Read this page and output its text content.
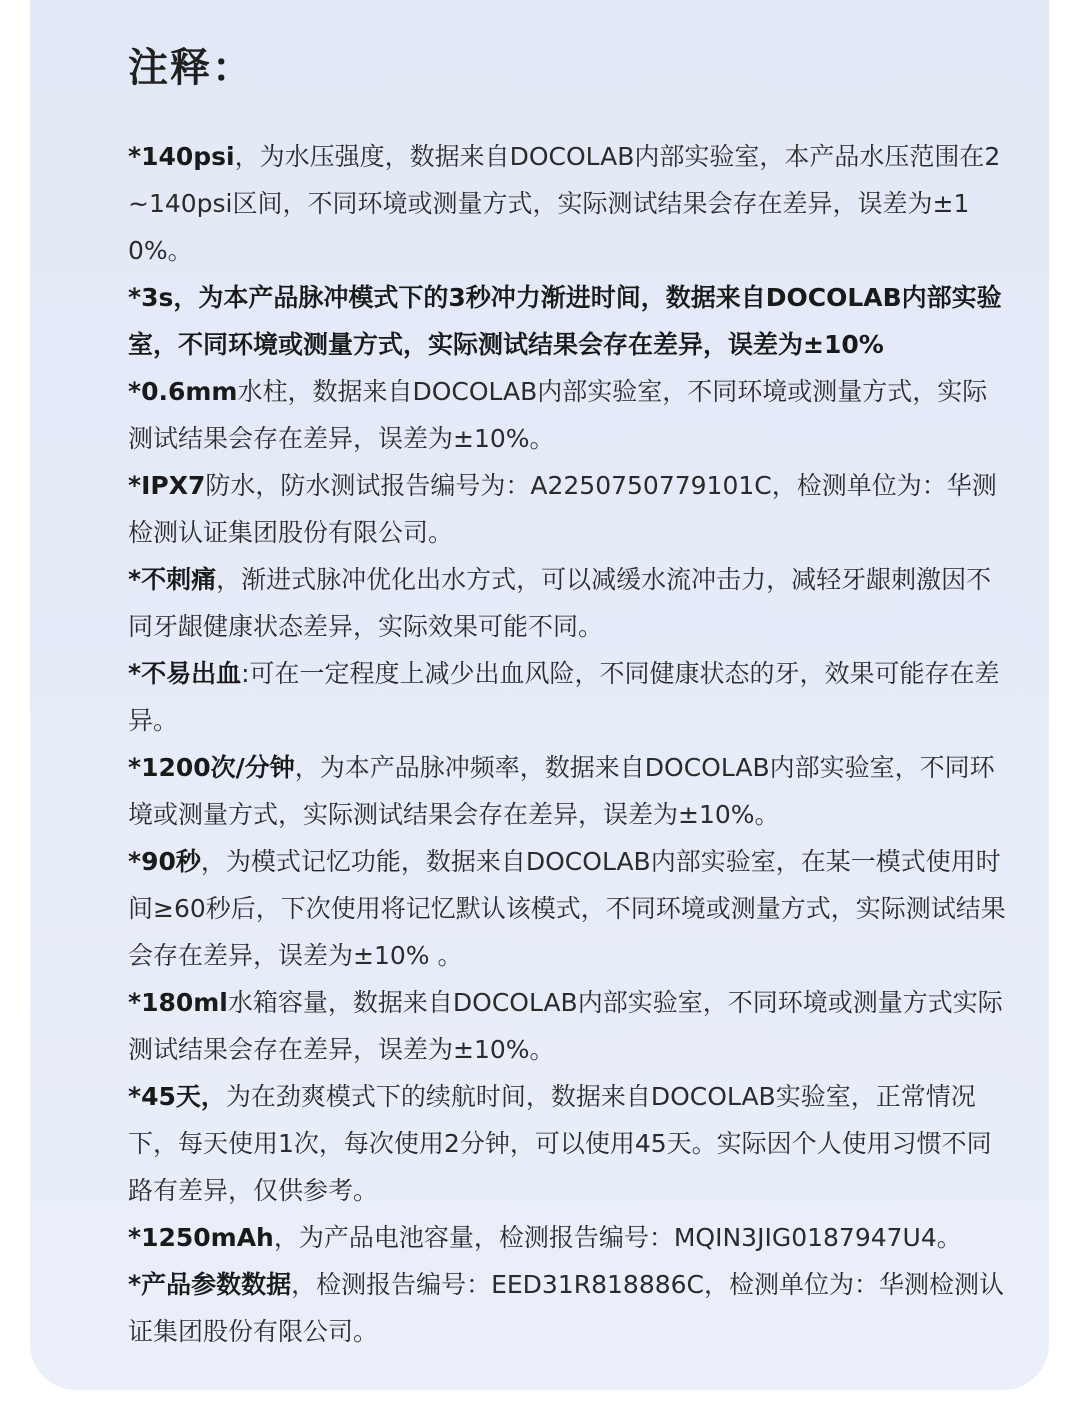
注释：
*140psi，为水压强度，数据来自DOCOLAB内部实验室，本产品水压范围在2~140psi区间，不同环境或测量方式，实际测试结果会存在差异，误差为±10%。
*3s，为本产品脉冲模式下的3秒冲力渐进时间，数据来自DOCOLAB内部实验室，不同环境或测量方式，实际测试结果会存在差异，误差为±10%
*0.6mm水柱，数据来自DOCOLAB内部实验室，不同环境或测量方式，实际测试结果会存在差异，误差为±10%。
*IPX7防水，防水测试报告编号为：A2250750779101C，检测单位为：华测检测认证集团股份有限公司。
*不刺痛，渐进式脉冲优化出水方式，可以减缓水流冲击力，减轻牙龈刺激因不同牙龈健康状态差异，实际效果可能不同。
*不易出血:可在一定程度上减少出血风险，不同健康状态的牙，效果可能存在差异。
*1200次/分钟，为本产品脉冲频率，数据来自DOCOLAB内部实验室，不同环境或测量方式，实际测试结果会存在差异，误差为±10%。
*90秒，为模式记忆功能，数据来自DOCOLAB内部实验室，在某一模式使用时间≥60秒后，下次使用将记忆默认该模式，不同环境或测量方式，实际测试结果会存在差异，误差为±10% 。
*180ml水箱容量，数据来自DOCOLAB内部实验室，不同环境或测量方式实际测试结果会存在差异，误差为±10%。
*45天，为在劲爽模式下的续航时间，数据来自DOCOLAB实验室，正常情况下，每天使用1次，每次使用2分钟，可以使用45天。实际因个人使用习惯不同路有差异，仅供参考。
*1250mAh，为产品电池容量，检测报告编号：MQIN3JIG0187947U4。
*产品参数数据，检测报告编号：EED31R818886C，检测单位为：华测检测认证集团股份有限公司。
